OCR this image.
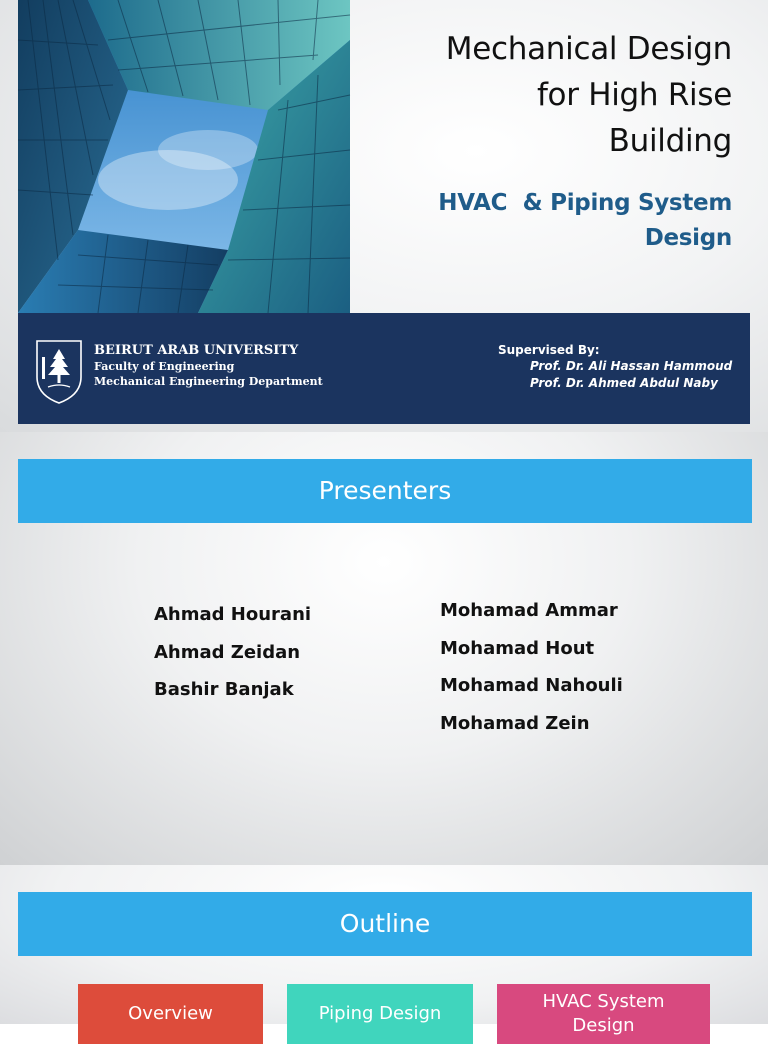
Mechanical Design
for High Rise
Building
HVAC  & Piping System
Design
BEIRUT ARAB UNIVERSITY
Faculty of Engineering
Mechanical Engineering Department
Supervised By:
Prof. Dr. Ali Hassan Hammoud
Prof. Dr. Ahmed Abdul Naby
Presenters
Ahmad Hourani
Ahmad Zeidan
Bashir Banjak
Mohamad Ammar
Mohamad Hout
Mohamad Nahouli
Mohamad Zein
Outline
Overview	Piping Design
HVAC System
Design
